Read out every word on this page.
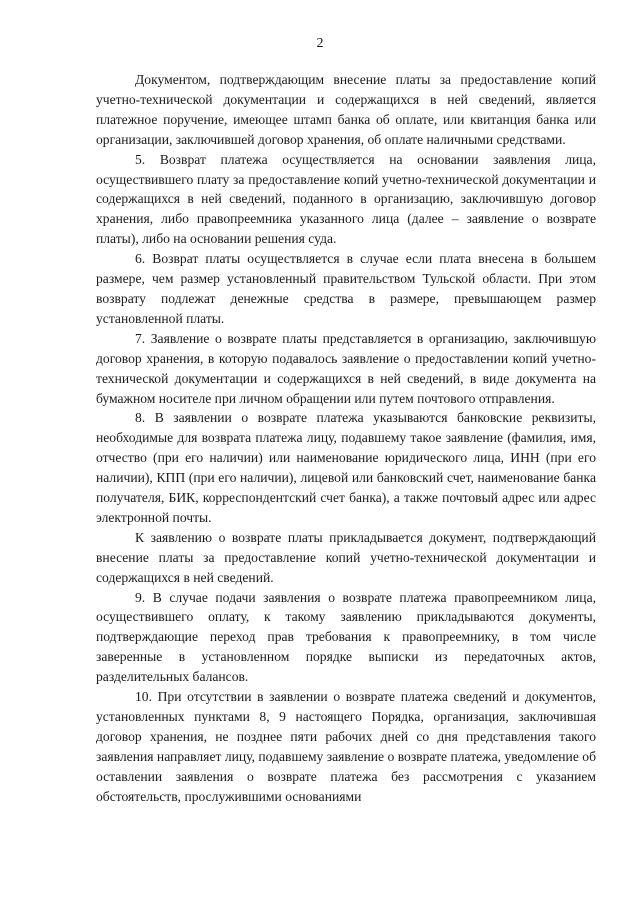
2

Документом, подтверждающим внесение платы за предоставление копий учетно-технической документации и содержащихся в ней сведений, является платежное поручение, имеющее штамп банка об оплате, или квитанция банка или организации, заключившей договор хранения, об оплате наличными средствами.

5. Возврат платежа осуществляется на основании заявления лица, осуществившего плату за предоставление копий учетно-технической документации и содержащихся в ней сведений, поданного в организацию, заключившую договор хранения, либо правопреемника указанного лица (далее – заявление о возврате платы), либо на основании решения суда.

6. Возврат платы осуществляется в случае если плата внесена в большем размере, чем размер установленный правительством Тульской области. При этом возврату подлежат денежные средства в размере, превышающем размер установленной платы.

7. Заявление о возврате платы представляется в организацию, заключившую договор хранения, в которую подавалось заявление о предоставлении копий учетно-технической документации и содержащихся в ней сведений, в виде документа на бумажном носителе при личном обращении или путем почтового отправления.

8. В заявлении о возврате платежа указываются банковские реквизиты, необходимые для возврата платежа лицу, подавшему такое заявление (фамилия, имя, отчество (при его наличии) или наименование юридического лица, ИНН (при его наличии), КПП (при его наличии), лицевой или банковский счет, наименование банка получателя, БИК, корреспондентский счет банка), а также почтовый адрес или адрес электронной почты.

К заявлению о возврате платы прикладывается документ, подтверждающий внесение платы за предоставление копий учетно-технической документации и содержащихся в ней сведений.

9. В случае подачи заявления о возврате платежа правопреемником лица, осуществившего оплату, к такому заявлению прикладываются документы, подтверждающие переход прав требования к правопреемнику, в том числе заверенные в установленном порядке выписки из передаточных актов, разделительных балансов.

10. При отсутствии в заявлении о возврате платежа сведений и документов, установленных пунктами 8, 9 настоящего Порядка, организация, заключившая договор хранения, не позднее пяти рабочих дней со дня представления такого заявления направляет лицу, подавшему заявление о возврате платежа, уведомление об оставлении заявления о возврате платежа без рассмотрения с указанием обстоятельств, прослужившими основаниями
